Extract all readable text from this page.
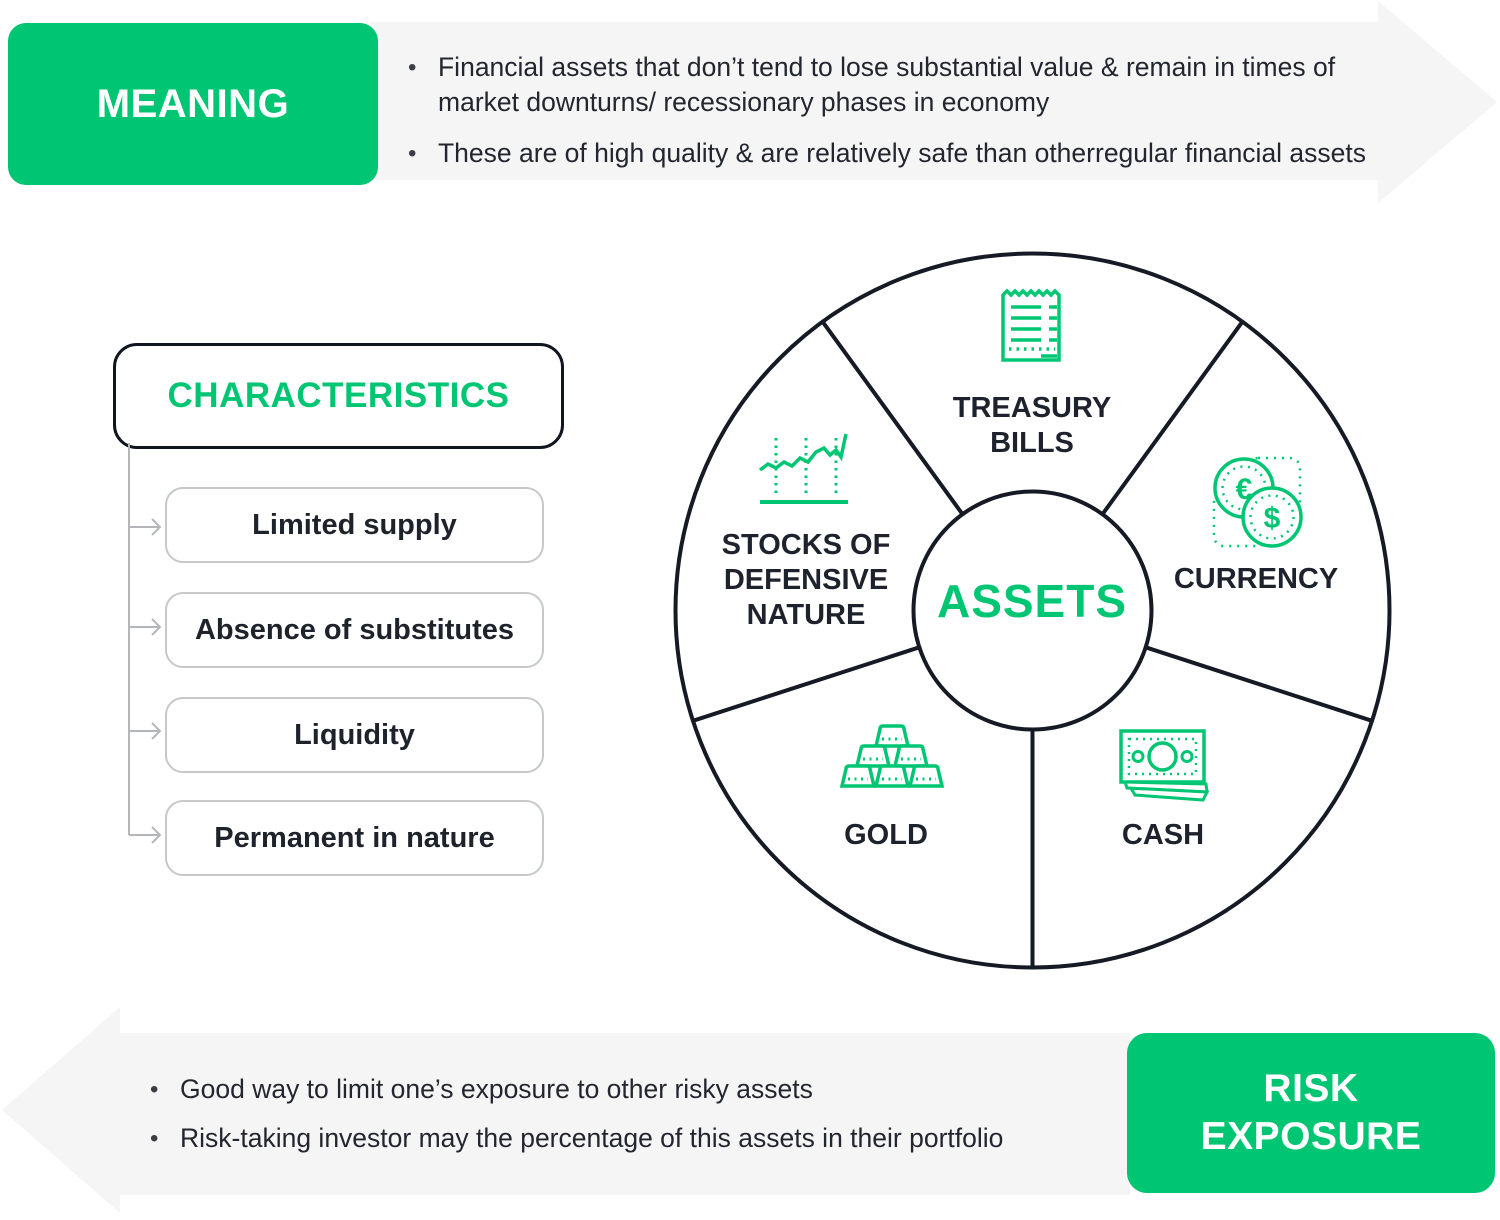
MEANING
• Financial assets that don’t tend to lose substantial value & remain in times of market downturns/ recessionary phases in economy
• These are of high quality & are relatively safe than otherregular financial assets
CHARACTERISTICS
Limited supply
Absence of substitutes
Liquidity
Permanent in nature
€
$
TREASURY BILLS
CURRENCY
CASH
GOLD
STOCKS OF DEFENSIVE NATURE	ASSETS
• Good way to limit one’s exposure to other risky assets
• Risk-taking investor may the percentage of this assets in their portfolio
RISK EXPOSURE
